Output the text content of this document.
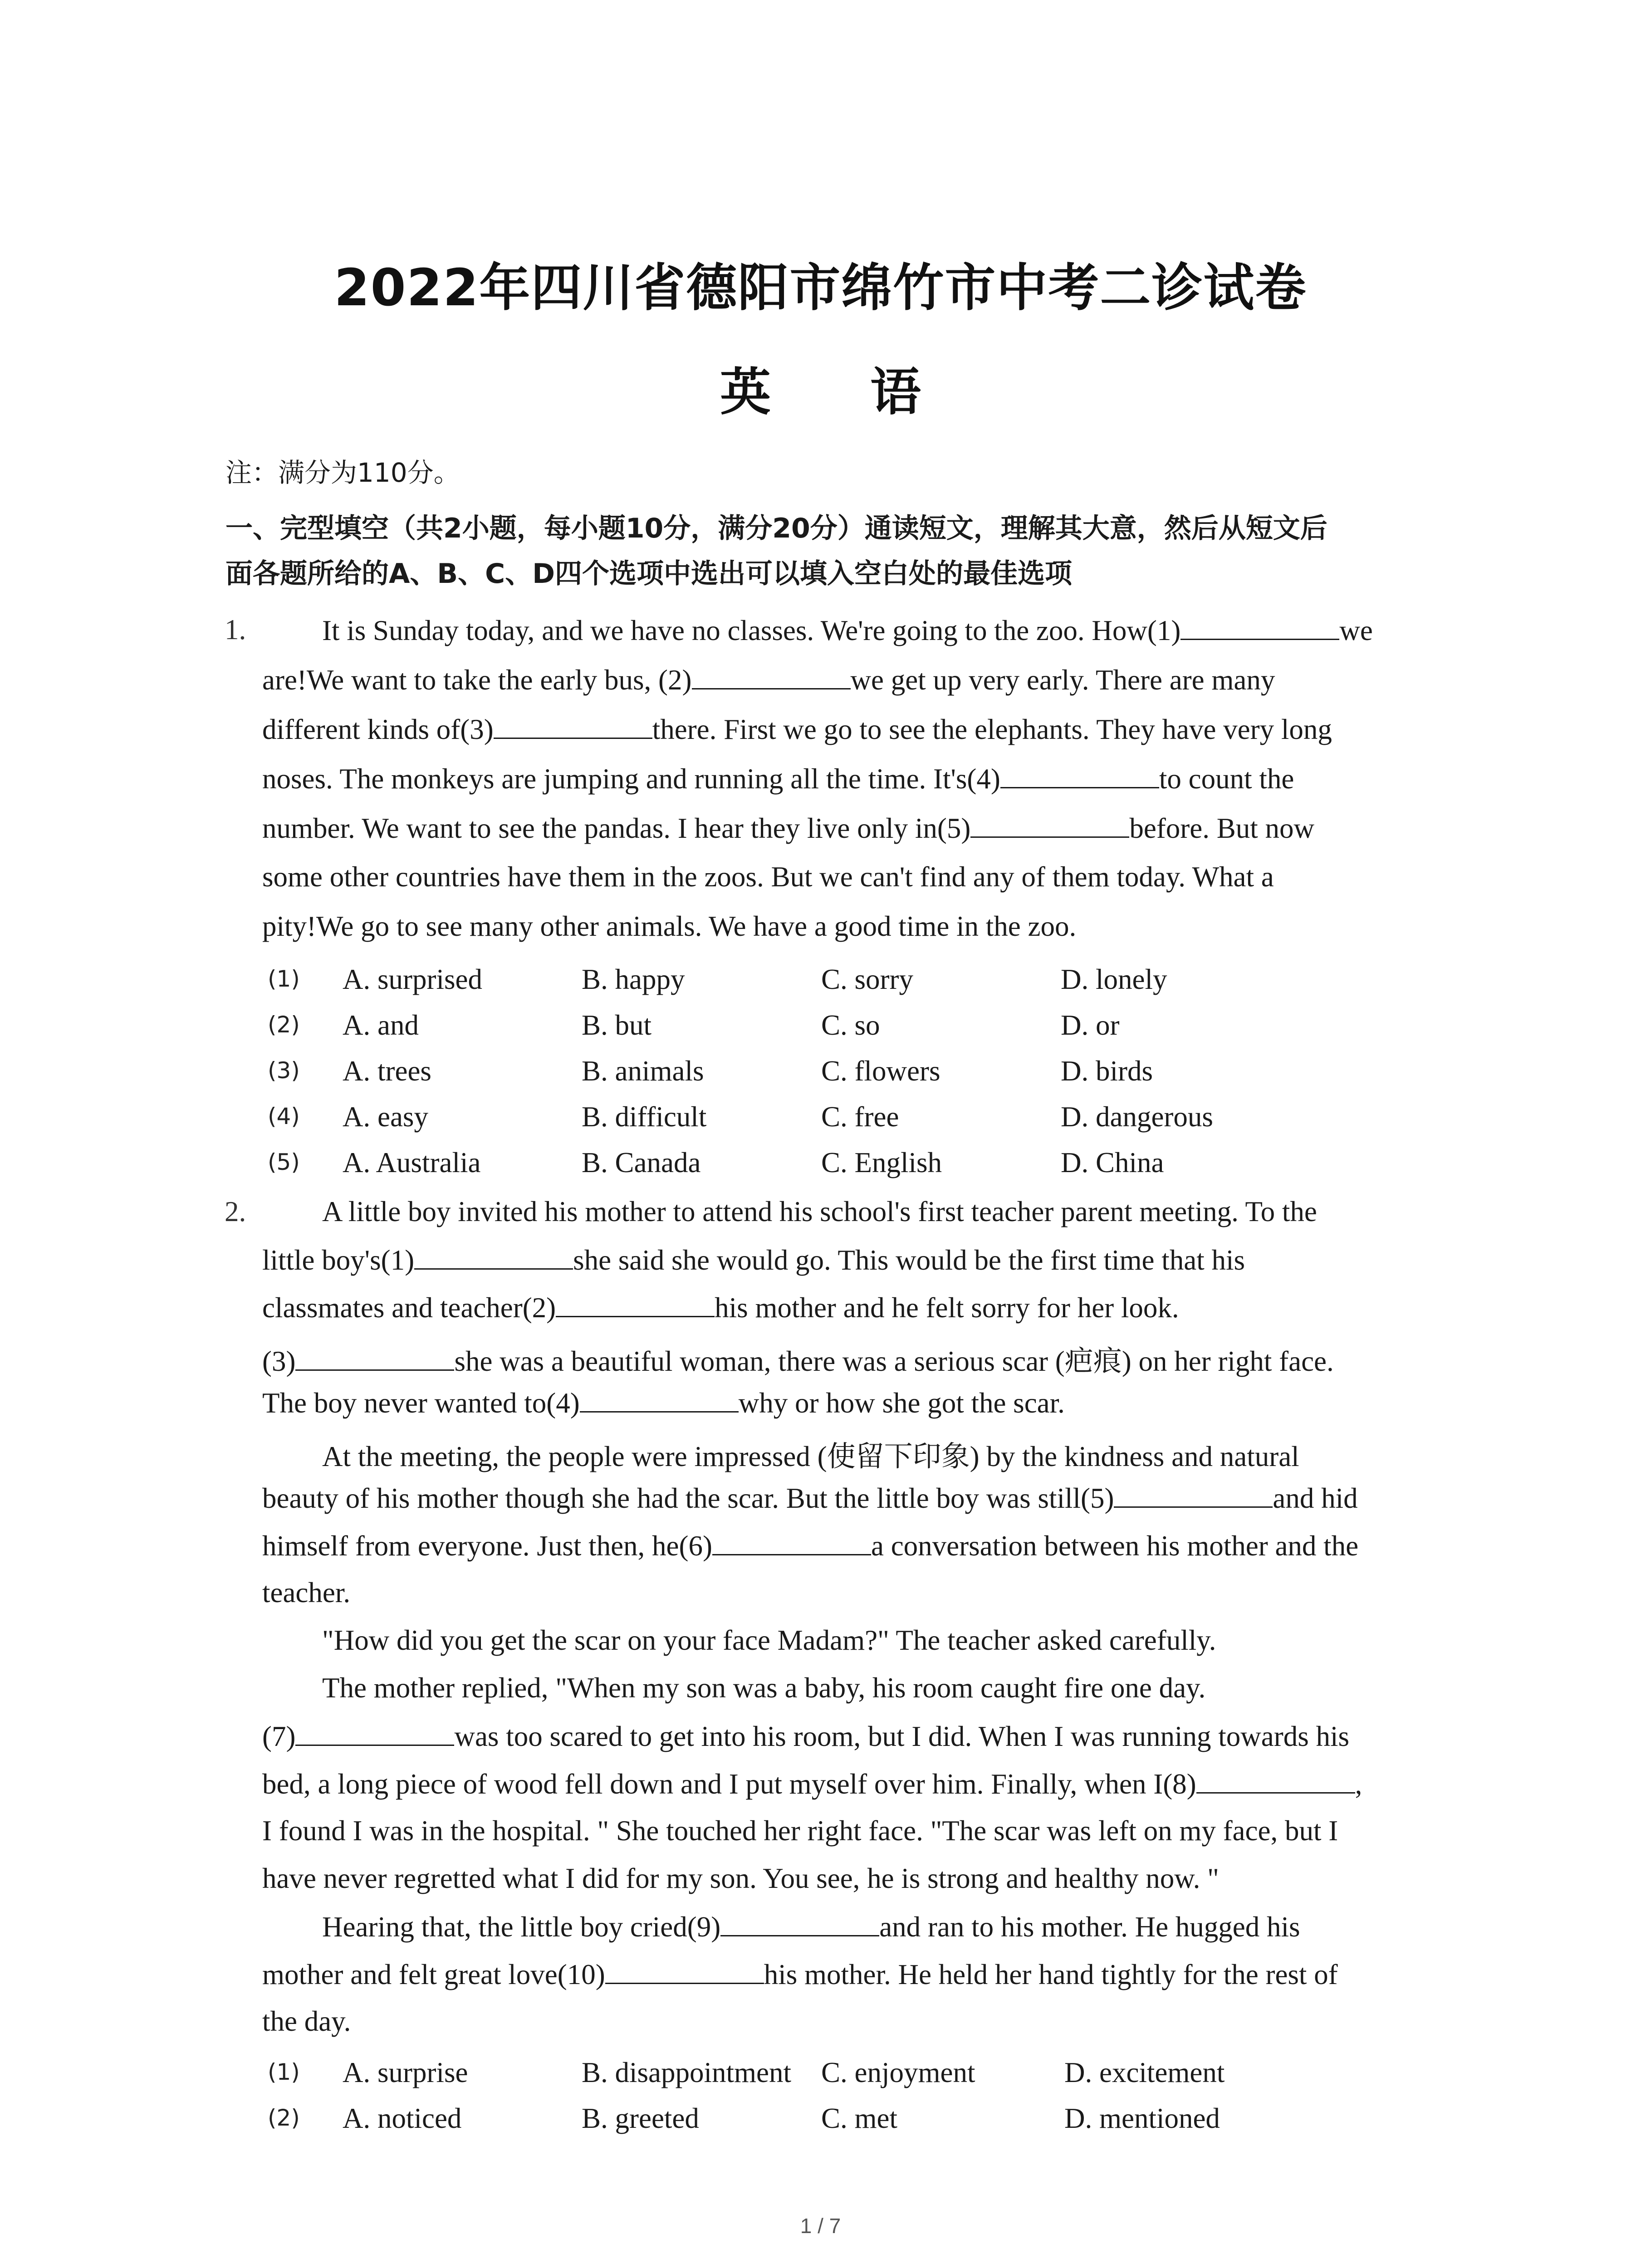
2022年四川省德阳市绵竹市中考二诊试卷
英 语
注：满分为110分。
一、完型填空（共2小题，每小题10分，满分20分）通读短文，理解其大意，然后从短文后
面各题所给的A、B、C、D四个选项中选出可以填入空白处的最佳选项
1.	It is Sunday today, and we have no classes. We're going to the zoo. How(1)	we
are!We want to take the early bus, (2)	we get up very early. There are many
different kinds of(3)	there. First we go to see the elephants. They have very long
noses. The monkeys are jumping and running all the time. It's(4)	to count the
number. We want to see the pandas. I hear they live only in(5)	before. But now
some other countries have them in the zoos. But we can't find any of them today. What a
pity!We go to see many other animals. We have a good time in the zoo.
(1) A. surprised	B. happy	C. sorry	D. lonely
(2) A. and	B. but	C. so	D. or
(3) A. trees	B. animals	C. flowers	D. birds
(4) A. easy	B. difficult	C. free	D. dangerous
(5) A. Australia	B. Canada	C. English	D. China
2.	A little boy invited his mother to attend his school's first teacher parent meeting. To the
little boy's(1)	she said she would go. This would be the first time that his
classmates and teacher(2)	his mother and he felt sorry for her look.
(3)	she was a beautiful woman, there was a serious scar (疤痕) on her right face.
The boy never wanted to(4)	why or how she got the scar.
At the meeting, the people were impressed (使留下印象) by the kindness and natural
beauty of his mother though she had the scar. But the little boy was still(5)	and hid
himself from everyone. Just then, he(6)	a conversation between his mother and the
teacher.
"How did you get the scar on your face Madam?" The teacher asked carefully.
The mother replied, "When my son was a baby, his room caught fire one day.
(7)	was too scared to get into his room, but I did. When I was running towards his
bed, a long piece of wood fell down and I put myself over him. Finally, when I(8)	,
I found I was in the hospital. " She touched her right face. "The scar was left on my face, but I
have never regretted what I did for my son. You see, he is strong and healthy now. "
Hearing that, the little boy cried(9)	and ran to his mother. He hugged his
mother and felt great love(10)	his mother. He held her hand tightly for the rest of
the day.
(1) A. surprise	B. disappointment C. enjoyment	D. excitement
(2) A. noticed	B. greeted	C. met	D. mentioned
1 / 7
